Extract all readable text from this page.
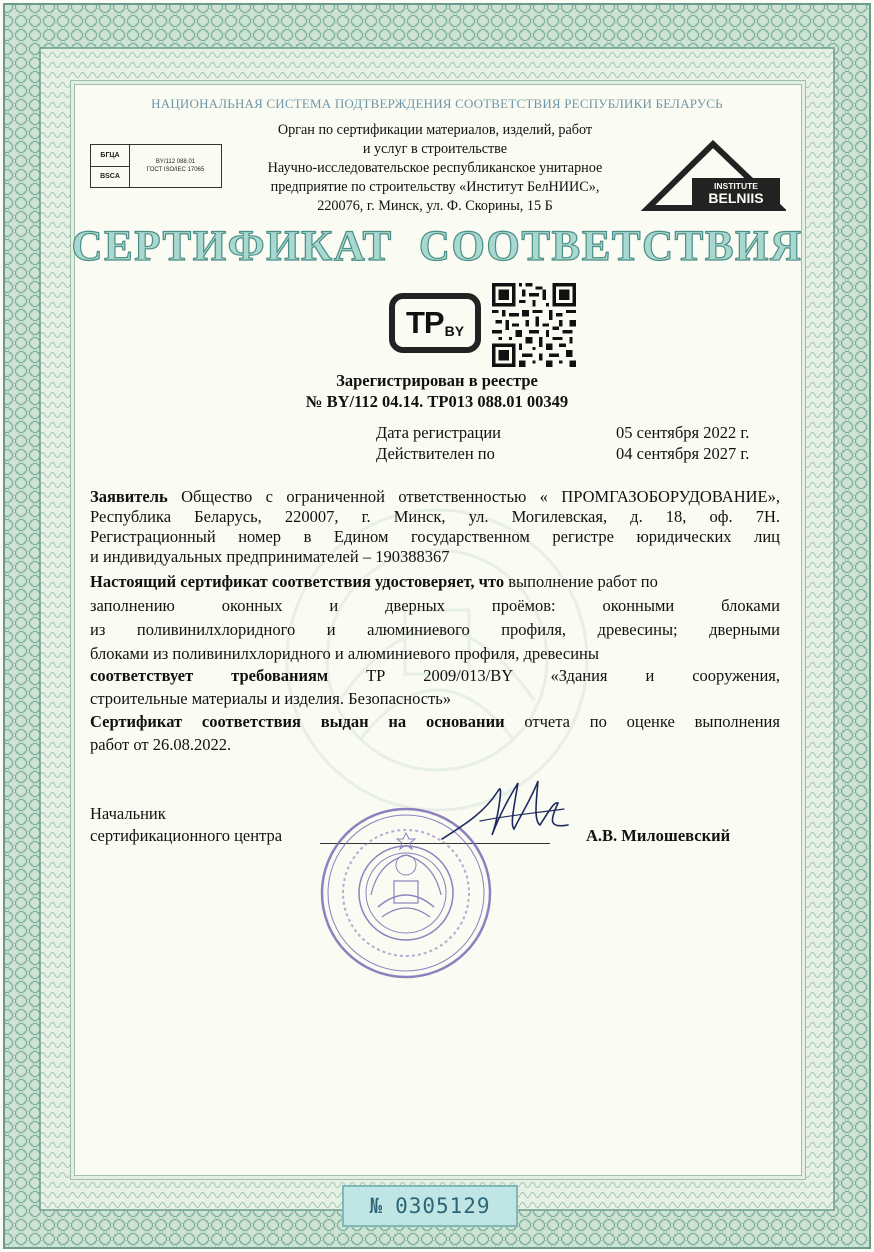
НАЦИОНАЛЬНАЯ СИСТЕМА ПОДТВЕРЖДЕНИЯ СООТВЕТСТВИЯ РЕСПУБЛИКИ БЕЛАРУСЬ
БГЦА
BSCA
BY/112 088.01
ГОСТ ISO/IEC 17065
Орган по сертификации материалов, изделий, работ
и услуг в строительстве
Научно-исследовательское республиканское унитарное
предприятие по строительству «Институт БелНИИС»,
220076, г. Минск, ул. Ф. Скорины, 15 Б
INSTITUTE
BELNIIS
СЕРТИФИКАТ СООТВЕТСТВИЯ
TP BY
Зарегистрирован в реестре
№ BY/112 04.14. ТР013 088.01 00349
Дата регистрации	05 сентября 2022 г.
Действителен по	04 сентября 2027 г.
Заявитель Общество с ограниченной ответственностью « ПРОМГАЗОБОРУДОВАНИЕ»,
Республика Беларусь, 220007, г. Минск, ул. Могилевская, д. 18, оф. 7Н.
Регистрационный номер в Едином государственном регистре юридических лиц
и индивидуальных предпринимателей – 190388367
Настоящий сертификат соответствия удостоверяет, что выполнение работ по
заполнению оконных и дверных проёмов: оконными блоками
из поливинилхлоридного и алюминиевого профиля, древесины; дверными
блоками из поливинилхлоридного и алюминиевого профиля, древесины
соответствует требованиям ТР 2009/013/BY «Здания и сооружения,
строительные материалы и изделия. Безопасность»
Сертификат соответствия выдан на основании отчета по оценке выполнения
работ от 26.08.2022.
Начальник
сертификационного центра	А.В. Милошевский
№ 0305129
